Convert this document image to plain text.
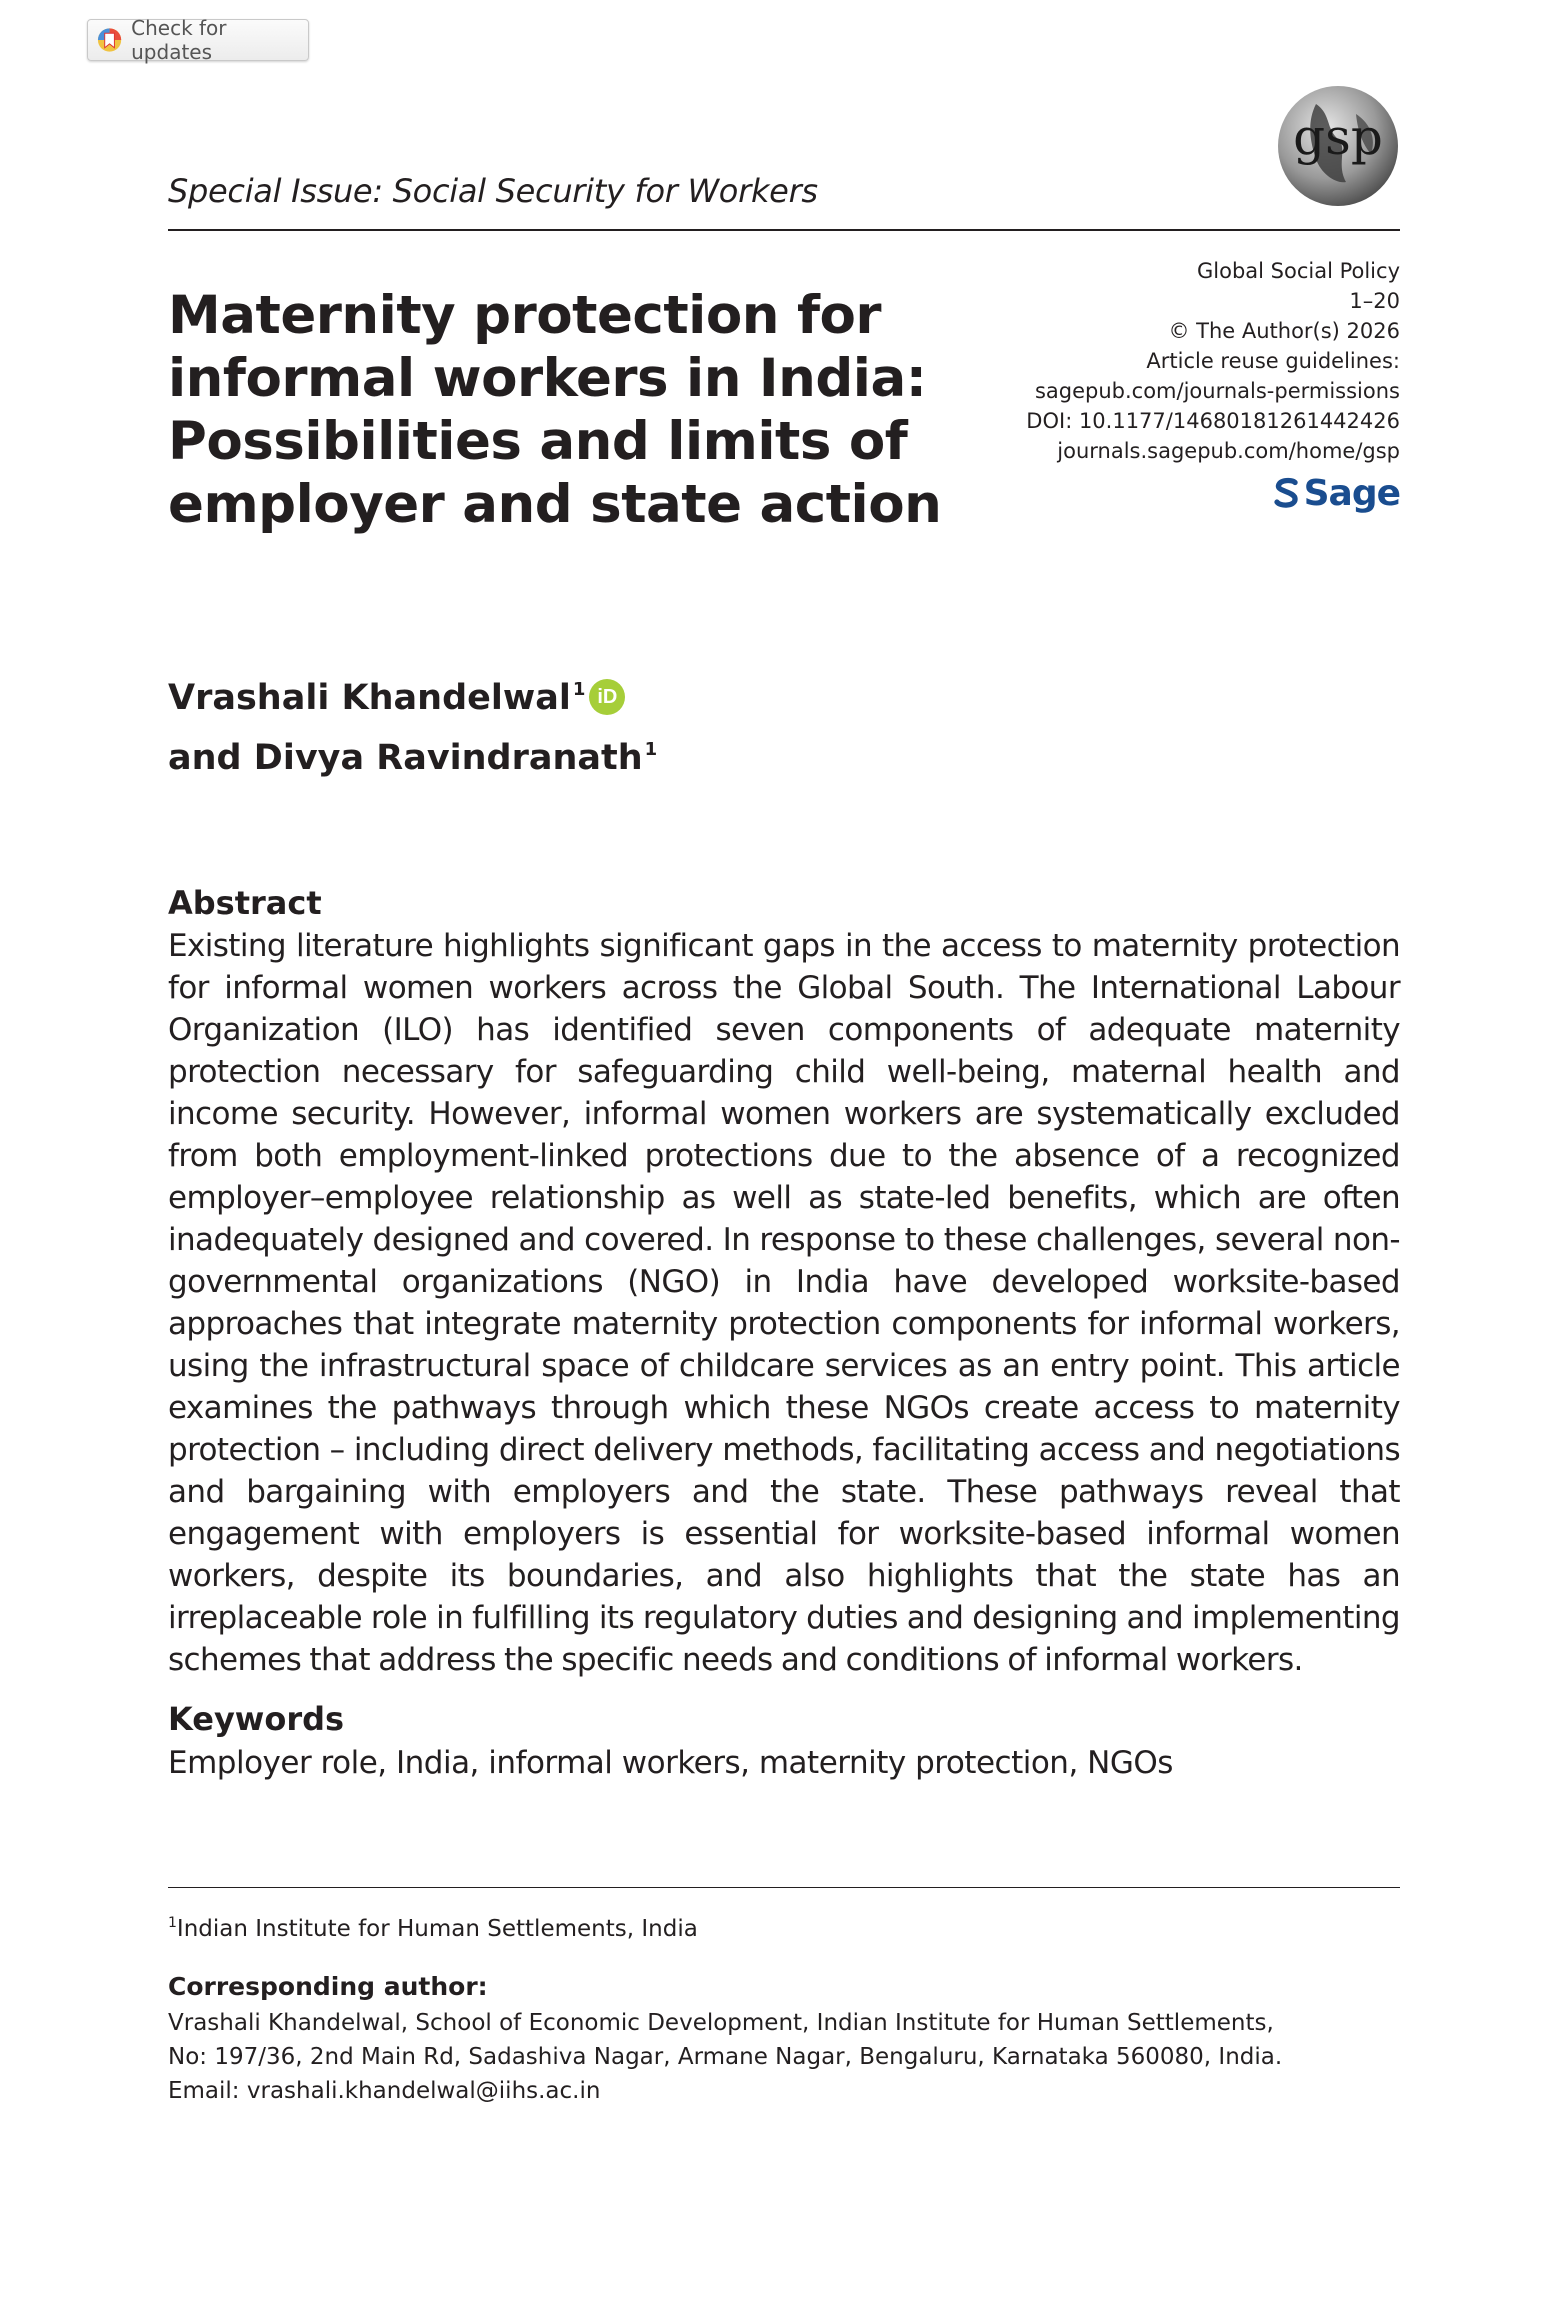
Check for updates
gsp
Special Issue: Social Security for Workers
Maternity protection for
informal workers in India:
Possibilities and limits of
employer and state action
Global Social Policy
1–20
© The Author(s) 2026
Article reuse guidelines:
sagepub.com/journals-permissions
DOI: 10.1177/14680181261442426
journals.sagepub.com/home/gsp
Sage
Vrashali Khandelwal $^1$ iD
and Divya Ravindranath $^1$
Abstract
Existing literature highlights significant gaps in the access to maternity protection for informal women workers across the Global South. The International Labour Organization (ILO) has identified seven components of adequate maternity protection necessary for safeguarding child well-being, maternal health and income security. However, informal women workers are systematically excluded from both employment-linked protections due to the absence of a recognized employer–employee relationship as well as state-led benefits, which are often inadequately designed and covered. In response to these challenges, several non-governmental organizations (NGO) in India have developed worksite-based approaches that integrate maternity protection components for informal workers, using the infrastructural space of childcare services as an entry point. This article examines the pathways through which these NGOs create access to maternity protection – including direct delivery methods, facilitating access and negotiations and bargaining with employers and the state. These pathways reveal that engagement with employers is essential for worksite-based informal women workers, despite its boundaries, and also highlights that the state has an irreplaceable role in fulfilling its regulatory duties and designing and implementing schemes that address the specific needs and conditions of informal workers.
Keywords
Employer role, India, informal workers, maternity protection, NGOs
$^1$Indian Institute for Human Settlements, India
Corresponding author:
Vrashali Khandelwal, School of Economic Development, Indian Institute for Human Settlements,
No: 197/36, 2nd Main Rd, Sadashiva Nagar, Armane Nagar, Bengaluru, Karnataka 560080, India.
Email: vrashali.khandelwal@iihs.ac.in
